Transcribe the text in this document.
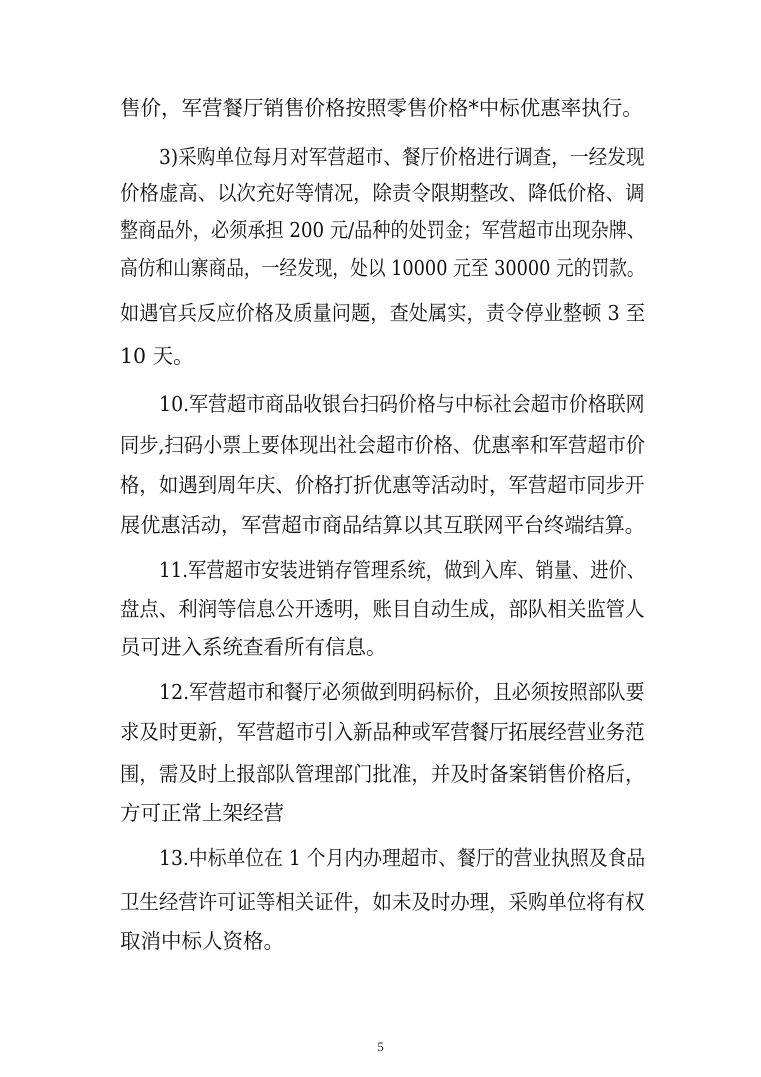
售价，军营餐厅销售价格按照零售价格*中标优惠率执行。
3)采购单位每月对军营超市、餐厅价格进行调查，一经发现
价格虚高、以次充好等情况，除责令限期整改、降低价格、调
整商品外，必须承担 200 元/品种的处罚金；军营超市出现杂牌、
高仿和山寨商品，一经发现，处以 10000 元至 30000 元的罚款。
如遇官兵反应价格及质量问题，查处属实，责令停业整顿 3 至
10 天。
10.军营超市商品收银台扫码价格与中标社会超市价格联网
同步,扫码小票上要体现出社会超市价格、优惠率和军营超市价
格，如遇到周年庆、价格打折优惠等活动时，军营超市同步开
展优惠活动，军营超市商品结算以其互联网平台终端结算。
11.军营超市安装进销存管理系统，做到入库、销量、进价、
盘点、利润等信息公开透明，账目自动生成，部队相关监管人
员可进入系统查看所有信息。
12.军营超市和餐厅必须做到明码标价，且必须按照部队要
求及时更新，军营超市引入新品种或军营餐厅拓展经营业务范
围，需及时上报部队管理部门批准，并及时备案销售价格后，
方可正常上架经营
13.中标单位在 1 个月内办理超市、餐厅的营业执照及食品
卫生经营许可证等相关证件，如未及时办理，采购单位将有权
取消中标人资格。
5
